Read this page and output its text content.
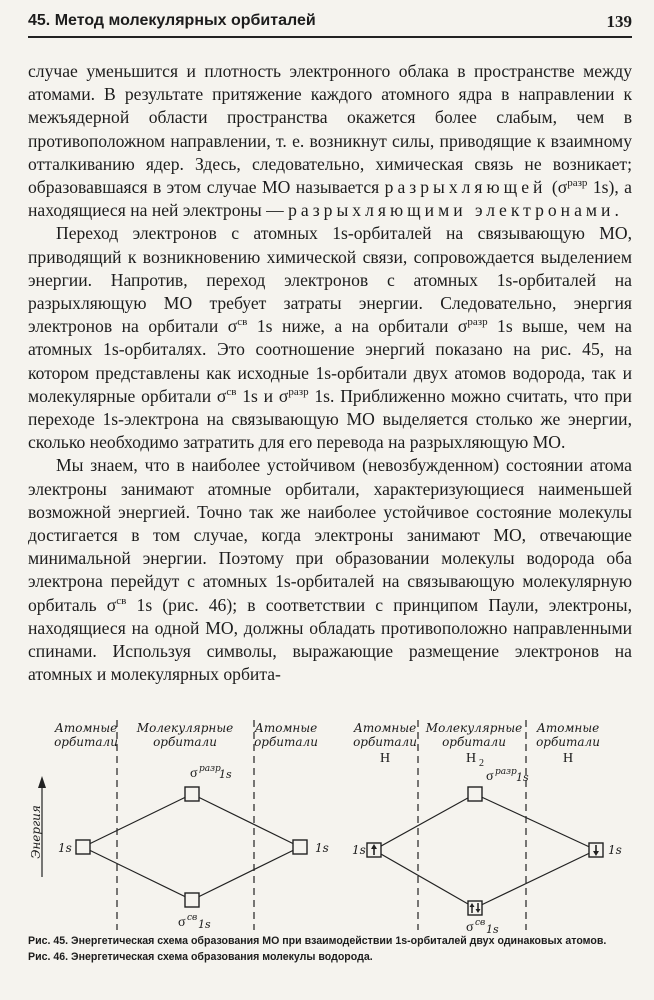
45. Метод молекулярных орбиталей	139

случае уменьшится и плотность электронного облака в пространстве между атомами. В результате притяжение каждого атомного ядра в направлении к межъядерной области пространства окажется более слабым, чем в противоположном направлении, т. е. возникнут силы, приводящие к взаимному отталкиванию ядер. Здесь, следовательно, химическая связь не возникает; образовавшаяся в этом случае МО называется разрыхляющей ($\sigma^{разр}$ 1s), а находящиеся на ней электроны — разрыхляющими электронами.

Переход электронов с атомных 1s-орбиталей на связывающую МО, приводящий к возникновению химической связи, сопровождается выделением энергии. Напротив, переход электронов с атомных 1s-орбиталей на разрыхляющую МО требует затраты энергии. Следовательно, энергия электронов на орбитали $\sigma^{св}$ 1s ниже, а на орбитали $\sigma^{разр}$ 1s выше, чем на атомных 1s-орбиталях. Это соотношение энергий показано на рис. 45, на котором представлены как исходные 1s-орбитали двух атомов водорода, так и молекулярные орбитали $\sigma^{св}$ 1s и $\sigma^{разр}$ 1s. Приближенно можно считать, что при переходе 1s-электрона на связывающую МО выделяется столько же энергии, сколько необходимо затратить для его перевода на разрыхляющую МО.

Мы знаем, что в наиболее устойчивом (невозбужденном) состоянии атома электроны занимают атомные орбитали, характеризующиеся наименьшей возможной энергией. Точно так же наиболее устойчивое состояние молекулы достигается в том случае, когда электроны занимают МО, отвечающие минимальной энергии. Поэтому при образовании молекулы водорода оба электрона перейдут с атомных 1s-орбиталей на связывающую молекулярную орбиталь $\sigma^{св}$ 1s (рис. 46); в соответствии с принципом Паули, электроны, находящиеся на одной МО, должны обладать противоположно направленными спинами. Используя символы, выражающие размещение электронов на атомных и молекулярных орбита-

Атомные
орбитали
Молекулярные
орбитали
Атомные
орбитали
Энергия 1s	1s
σ разр
1s
σ св 1s
Атомные
орбитали
H
Молекулярные
орбитали
H 2
Атомные
орбитали
H
1s	1s
σ разр 1s
σ св 1s

Рис. 45. Энергетическая схема образования МО при взаимодействии 1s-орбиталей двух одинаковых атомов.

Рис. 46. Энергетическая схема образования молекулы водорода.
